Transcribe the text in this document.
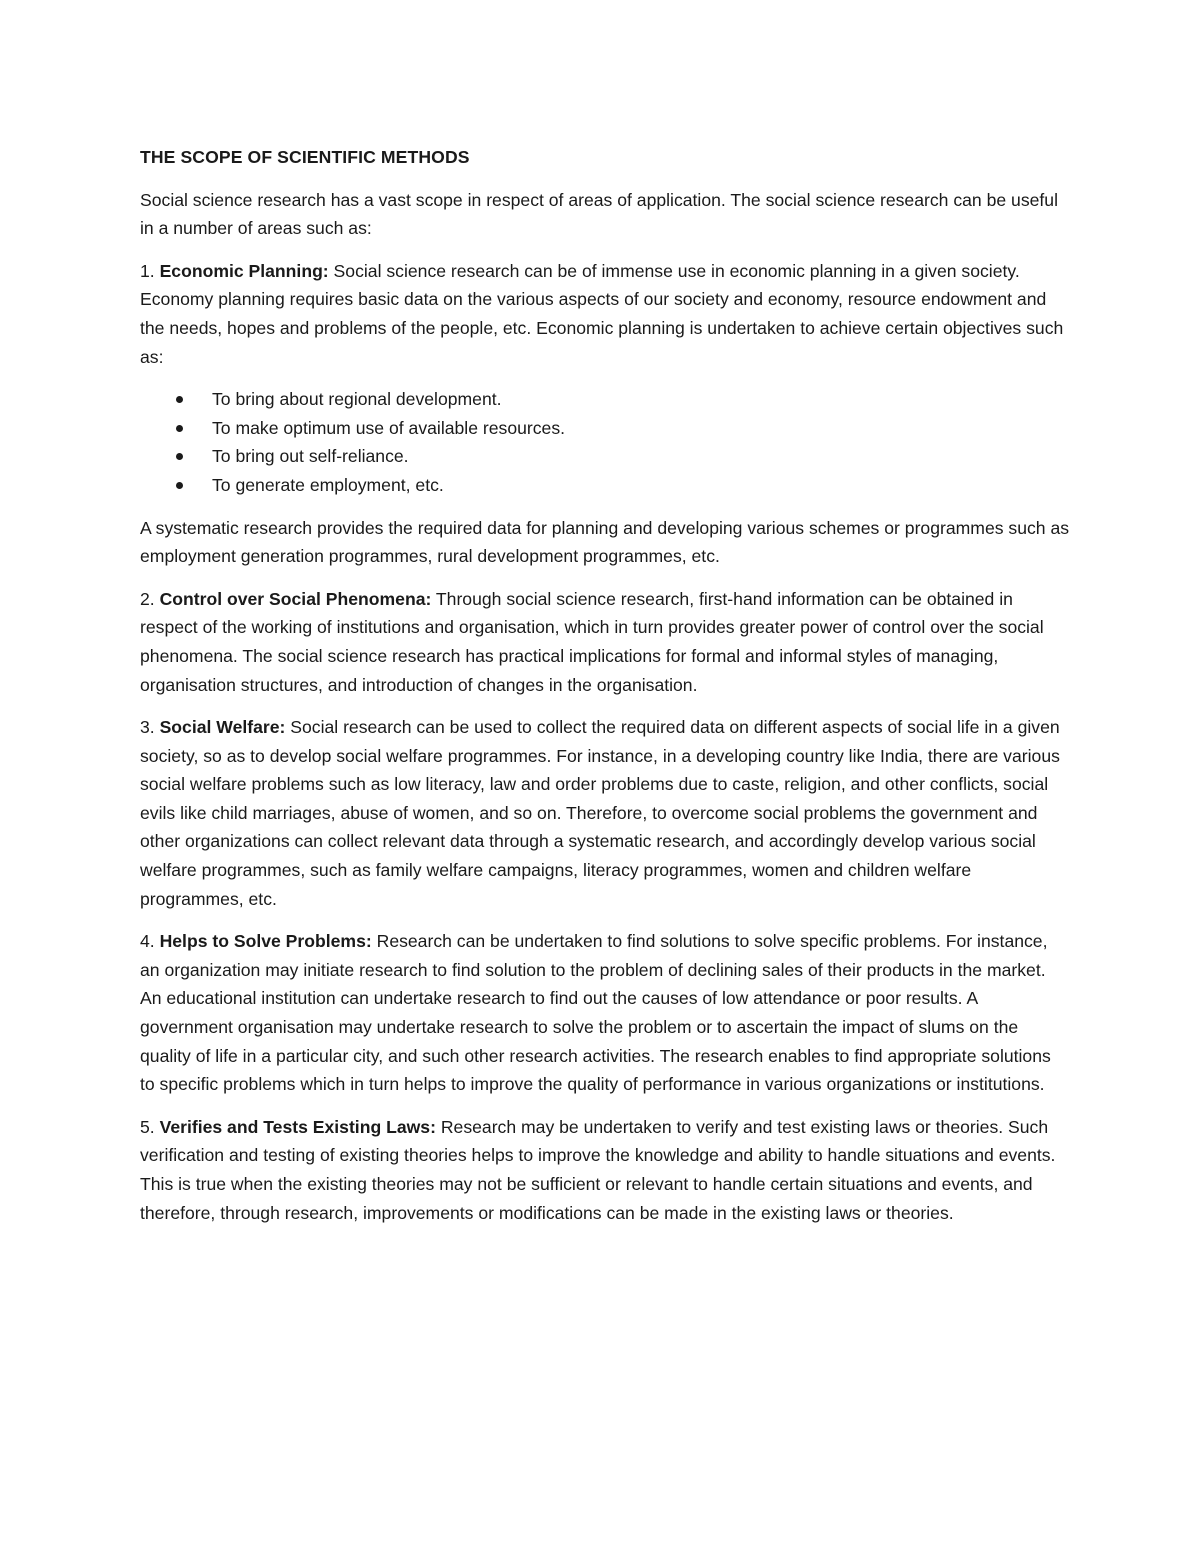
THE SCOPE OF SCIENTIFIC METHODS

Social science research has a vast scope in respect of areas of application. The social science research can be useful in a number of areas such as:

1. Economic Planning: Social science research can be of immense use in economic planning in a given society. Economy planning requires basic data on the various aspects of our society and economy, resource endowment and the needs, hopes and problems of the people, etc. Economic planning is undertaken to achieve certain objectives such as:

To bring about regional development.
To make optimum use of available resources.
To bring out self-reliance.
To generate employment, etc.

A systematic research provides the required data for planning and developing various schemes or programmes such as employment generation programmes, rural development programmes, etc.

2. Control over Social Phenomena: Through social science research, first-hand information can be obtained in respect of the working of institutions and organisation, which in turn provides greater power of control over the social phenomena. The social science research has practical implications for formal and informal styles of managing, organisation structures, and introduction of changes in the organisation.

3. Social Welfare: Social research can be used to collect the required data on different aspects of social life in a given society, so as to develop social welfare programmes. For instance, in a developing country like India, there are various social welfare problems such as low literacy, law and order problems due to caste, religion, and other conflicts, social evils like child marriages, abuse of women, and so on. Therefore, to overcome social problems the government and other organizations can collect relevant data through a systematic research, and accordingly develop various social welfare programmes, such as family welfare campaigns, literacy programmes, women and children welfare programmes, etc.

4. Helps to Solve Problems: Research can be undertaken to find solutions to solve specific problems. For instance, an organization may initiate research to find solution to the problem of declining sales of their products in the market. An educational institution can undertake research to find out the causes of low attendance or poor results. A government organisation may undertake research to solve the problem or to ascertain the impact of slums on the quality of life in a particular city, and such other research activities. The research enables to find appropriate solutions to specific problems which in turn helps to improve the quality of performance in various organizations or institutions.

5. Verifies and Tests Existing Laws: Research may be undertaken to verify and test existing laws or theories. Such verification and testing of existing theories helps to improve the knowledge and ability to handle situations and events. This is true when the existing theories may not be sufficient or relevant to handle certain situations and events, and therefore, through research, improvements or modifications can be made in the existing laws or theories.
